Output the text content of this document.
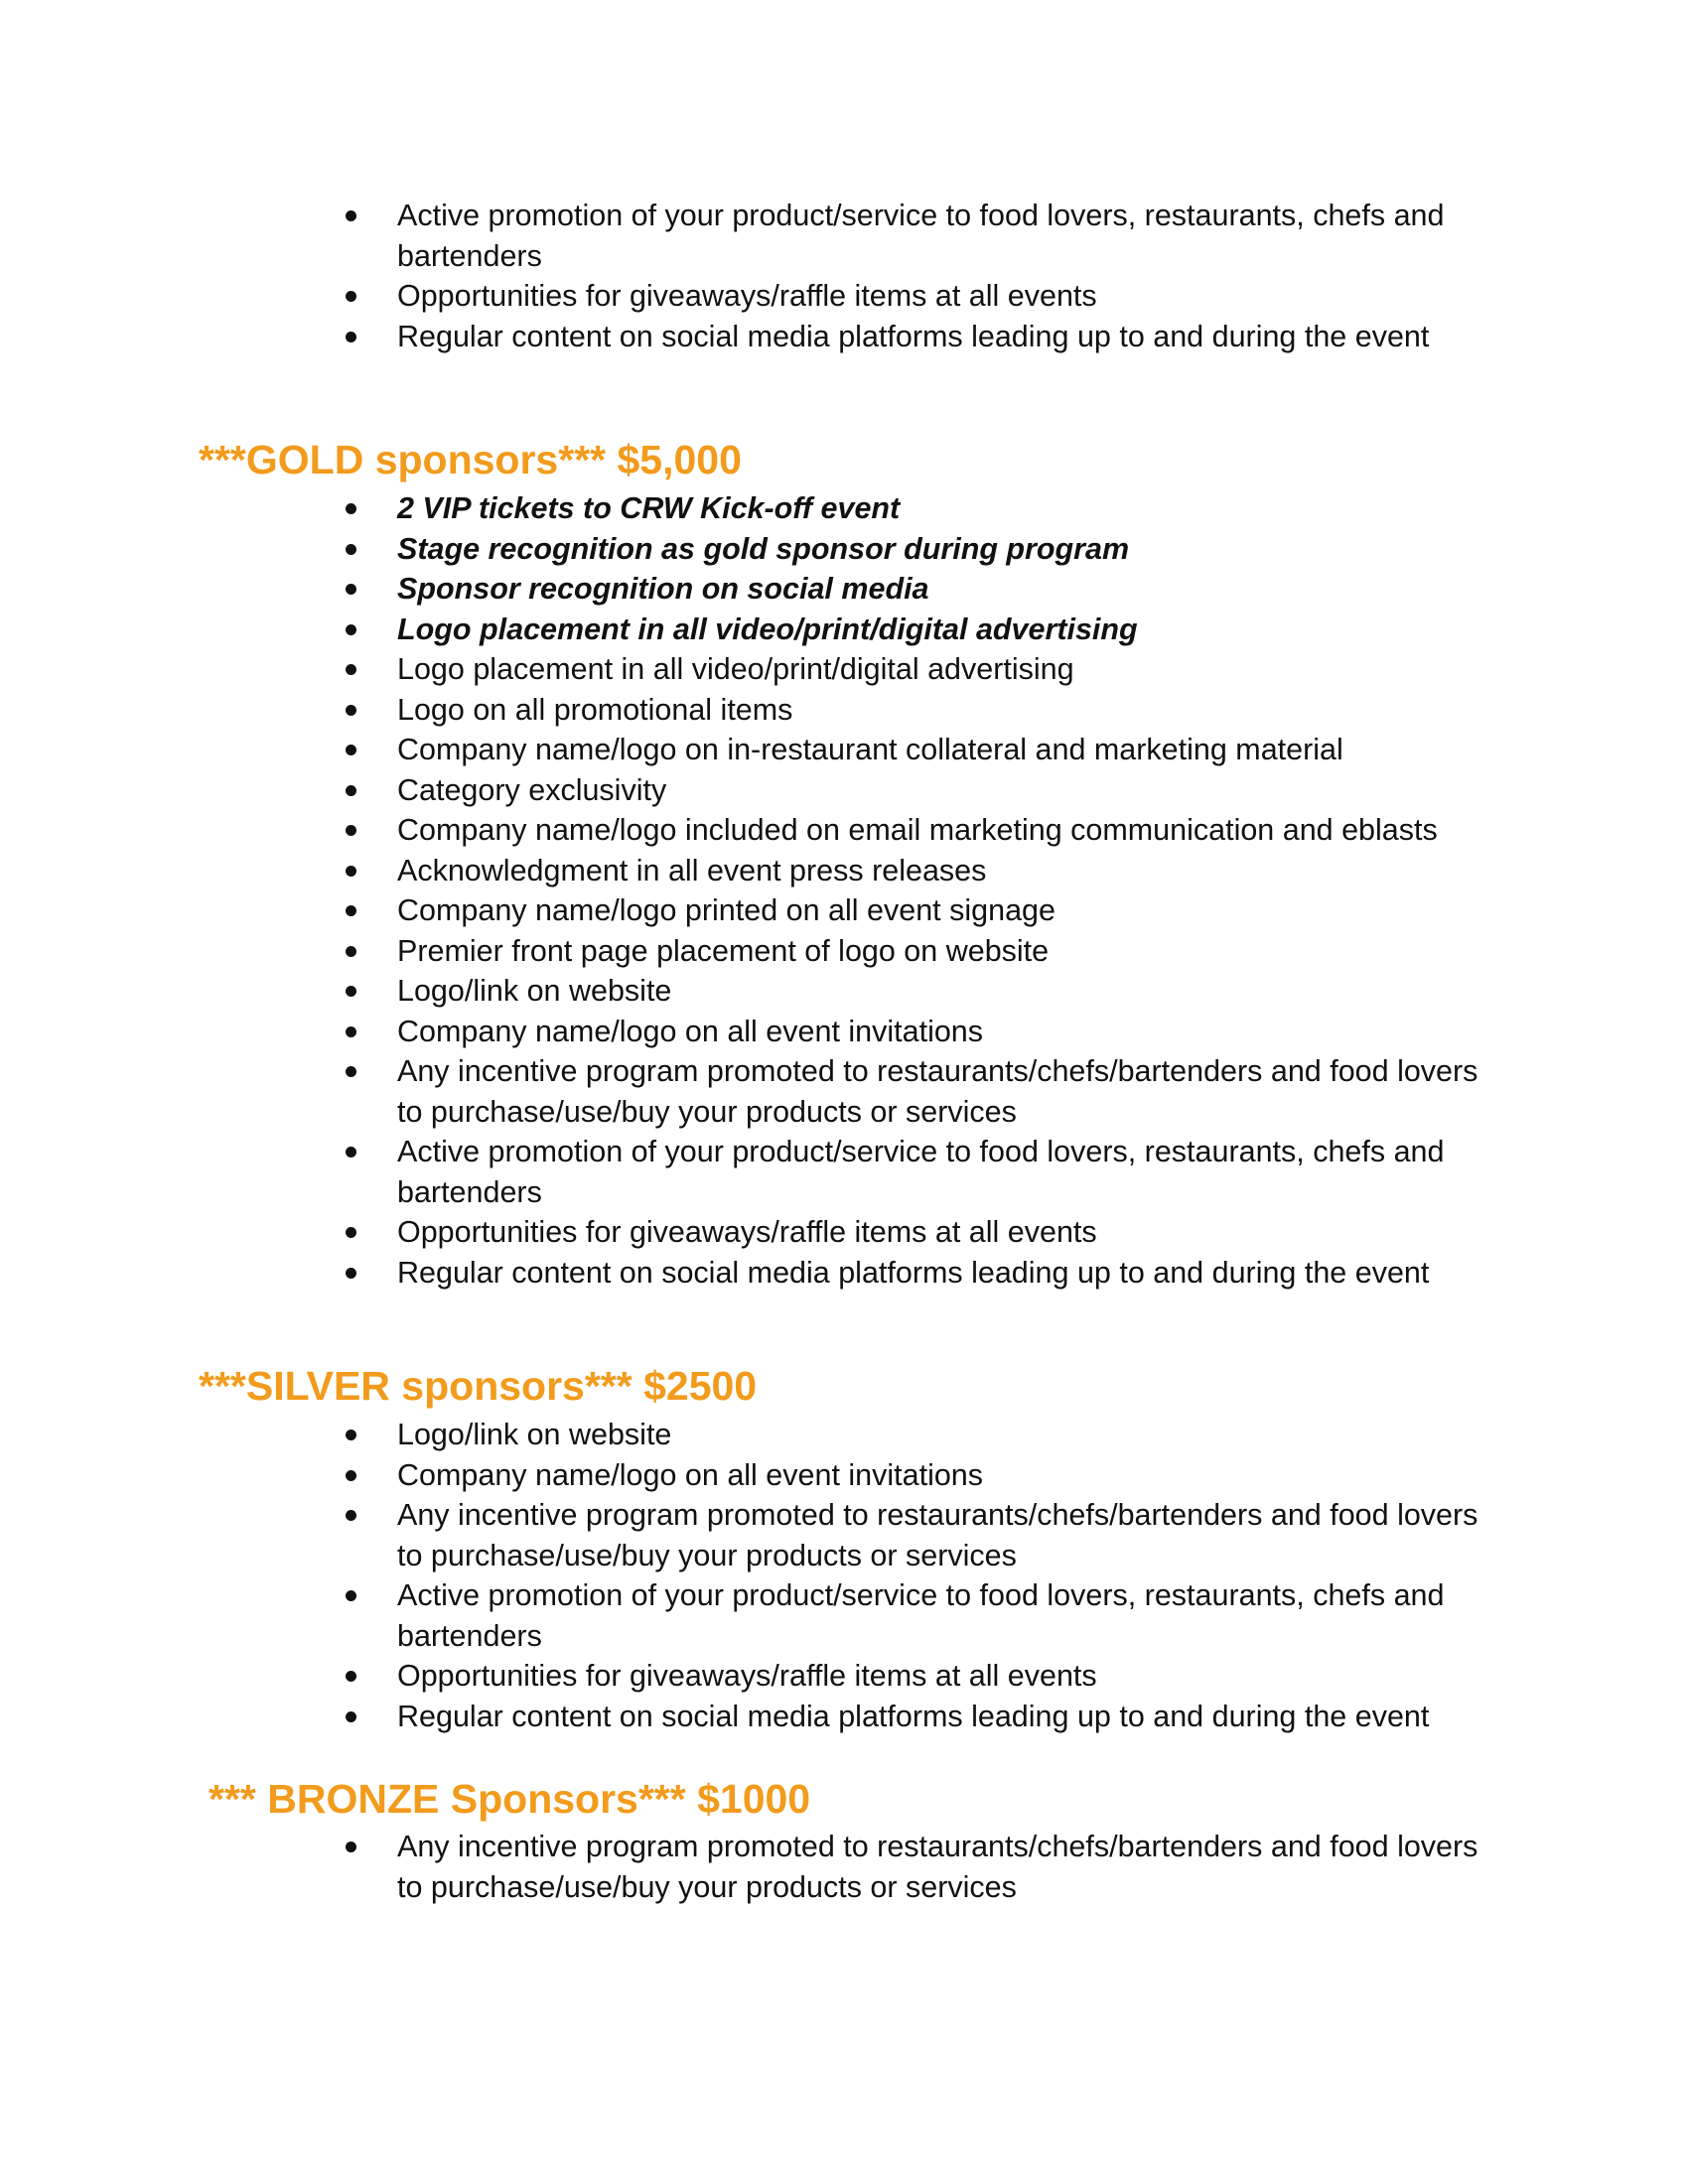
Active promotion of your product/service to food lovers, restaurants, chefs and bartenders
Opportunities for giveaways/raffle items at all events
Regular content on social media platforms leading up to and during the event
***GOLD sponsors*** $5,000
2 VIP tickets to CRW Kick-off event
Stage recognition as gold sponsor during program
Sponsor recognition on social media
Logo placement in all video/print/digital advertising
Logo placement in all video/print/digital advertising
Logo on all promotional items
Company name/logo on in-restaurant collateral and marketing material
Category exclusivity
Company name/logo included on email marketing communication and eblasts
Acknowledgment in all event press releases
Company name/logo printed on all event signage
Premier front page placement of logo on website
Logo/link on website
Company name/logo on all event invitations
Any incentive program promoted to restaurants/chefs/bartenders and food lovers to purchase/use/buy your products or services
Active promotion of your product/service to food lovers, restaurants, chefs and bartenders
Opportunities for giveaways/raffle items at all events
Regular content on social media platforms leading up to and during the event
***SILVER sponsors*** $2500
Logo/link on website
Company name/logo on all event invitations
Any incentive program promoted to restaurants/chefs/bartenders and food lovers to purchase/use/buy your products or services
Active promotion of your product/service to food lovers, restaurants, chefs and bartenders
Opportunities for giveaways/raffle items at all events
Regular content on social media platforms leading up to and during the event
*** BRONZE Sponsors*** $1000
Any incentive program promoted to restaurants/chefs/bartenders and food lovers to purchase/use/buy your products or services
